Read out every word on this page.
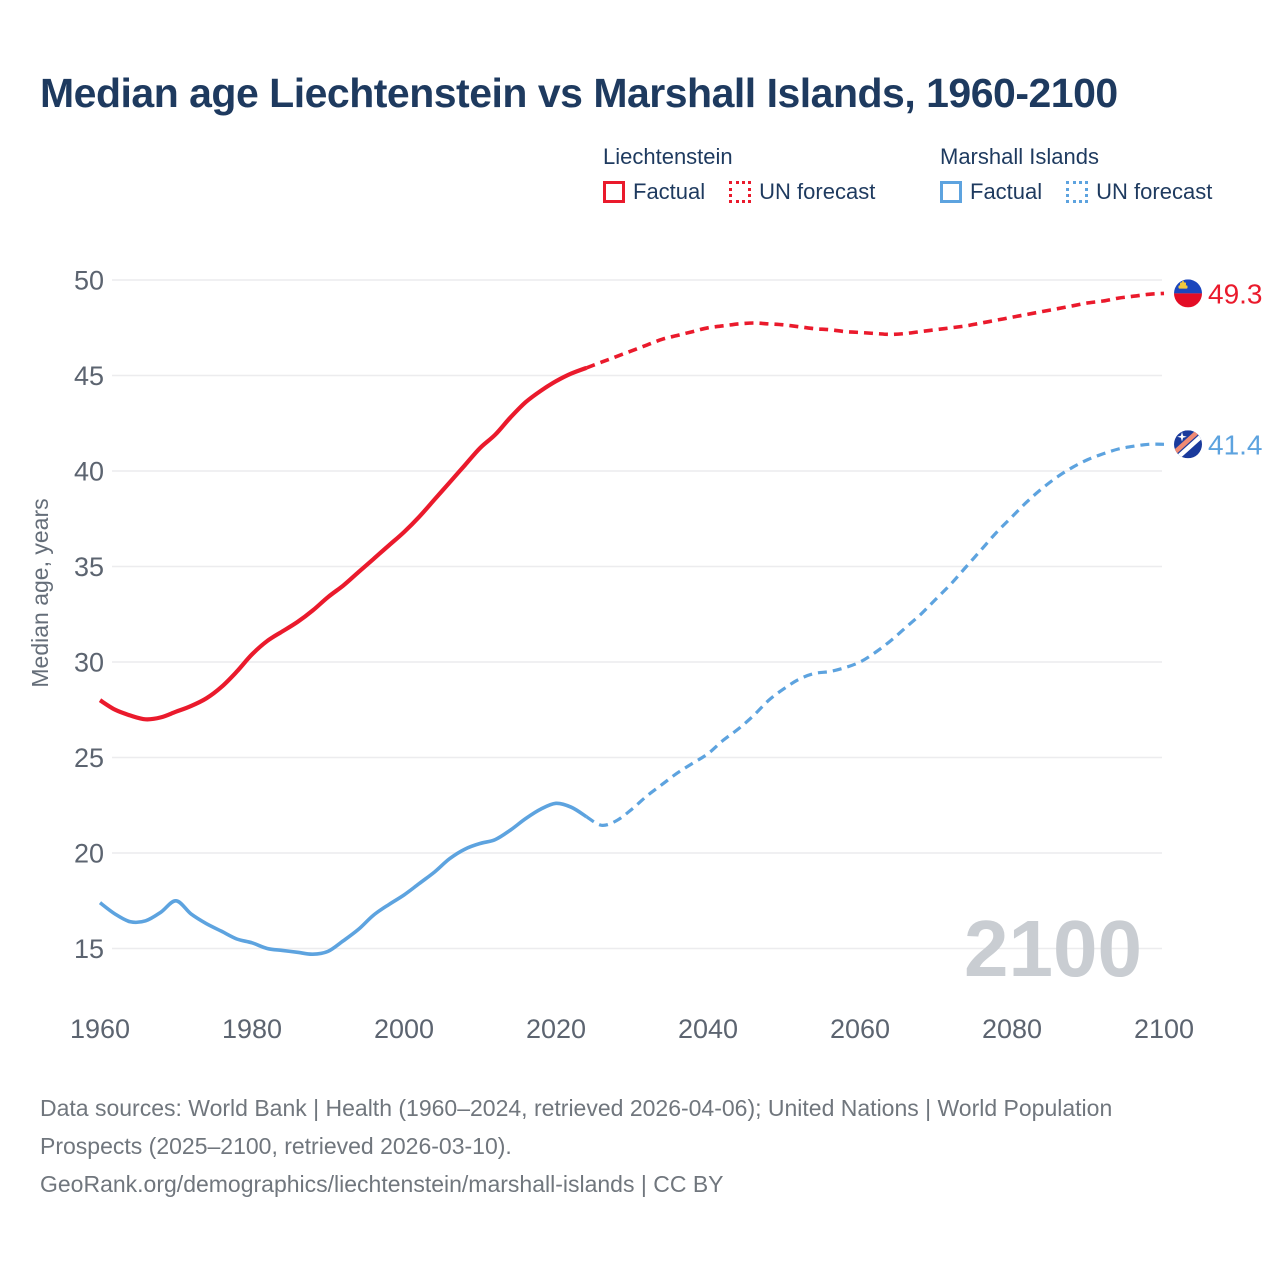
Median age Liechtenstein vs Marshall Islands, 1960-2100
Liechtenstein
Factual UN forecast
Marshall Islands
Factual UN forecast
2100
15
20
25
30
35
40
45
50
1960	1980	2000	2020	2040	2060	2080	2100
Median age, years
49.3
41.4

Data sources: World Bank | Health (1960–2024, retrieved 2026-04-06); United Nations | World Population Prospects (2025–2100, retrieved 2026-03-10).

GeoRank.org/demographics/liechtenstein/marshall-islands | CC BY
